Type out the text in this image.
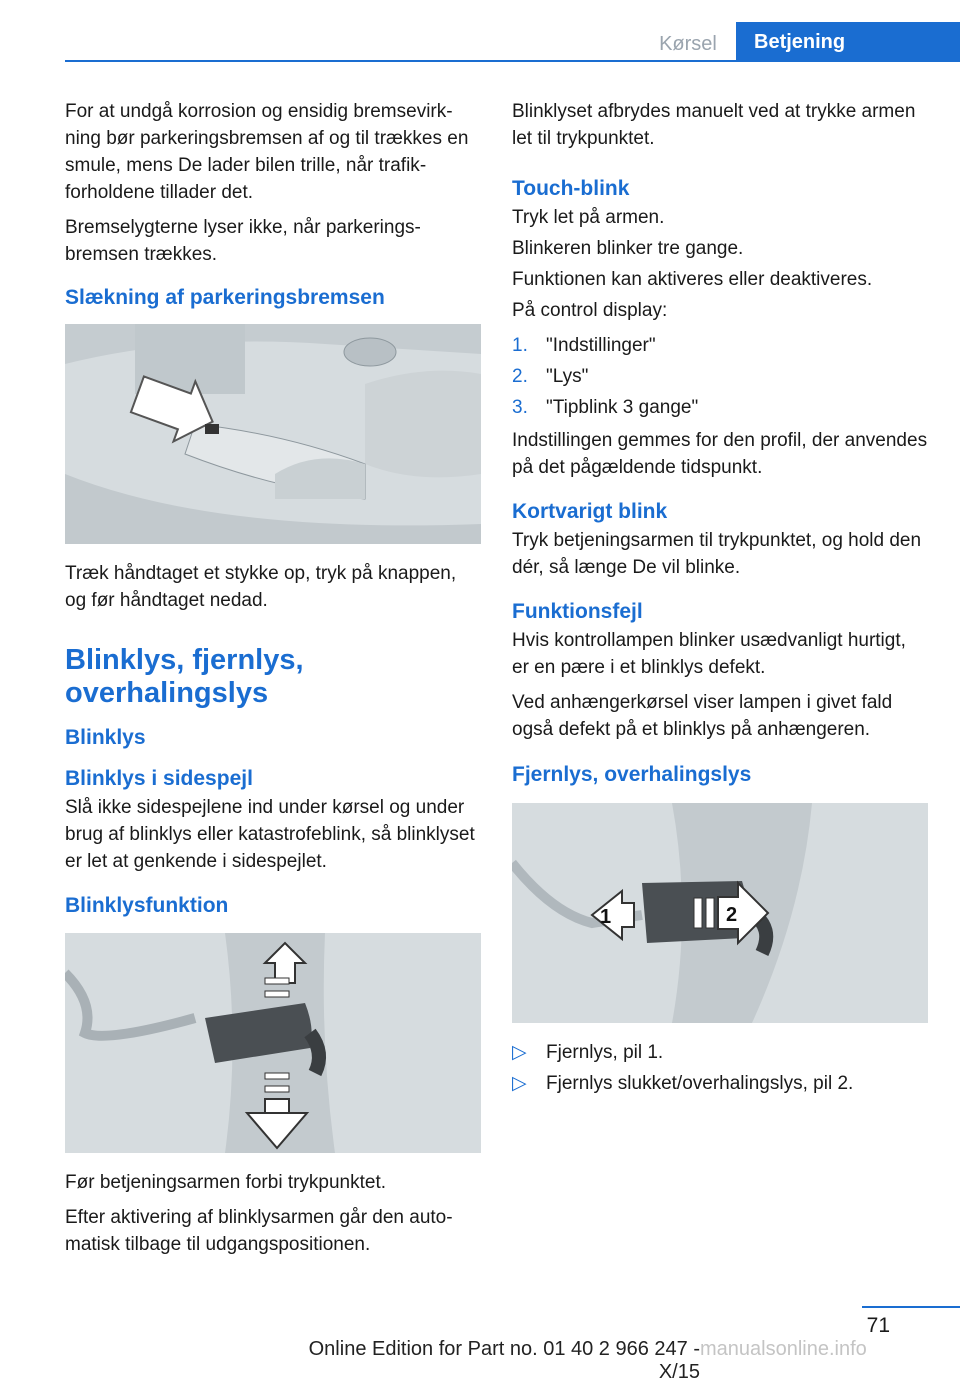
Kørsel	Betjening

For at undgå korrosion og ensidig bremsevirkning bør parkeringsbremsen af og til trækkes en smule, mens De lader bilen trille, når trafikforholdene tillader det.

Bremselygterne lyser ikke, når parkeringsbremsen trækkes.

Slækning af parkeringsbremsen

Træk håndtaget et stykke op, tryk på knappen, og før håndtaget nedad.

Blinklys, fjernlys, overhalingslys
Blinklys
Blinklys i sidespejl

Slå ikke sidespejlene ind under kørsel og under brug af blinklys eller katastrofeblink, så blinklyset er let at genkende i sidespejlet.

Blinklysfunktion

Før betjeningsarmen forbi trykpunktet.

Efter aktivering af blinklysarmen går den automatisk tilbage til udgangspositionen.

Blinklyset afbrydes manuelt ved at trykke armen let til trykpunktet.

Touch-blink

Tryk let på armen.

Blinkeren blinker tre gange.

Funktionen kan aktiveres eller deaktiveres.

På control display:

1. "Indstillinger"
2. "Lys"
3. "Tipblink 3 gange"

Indstillingen gemmes for den profil, der anvendes på det pågældende tidspunkt.

Kortvarigt blink

Tryk betjeningsarmen til trykpunktet, og hold den dér, så længe De vil blinke.

Funktionsfejl

Hvis kontrollampen blinker usædvanligt hurtigt, er en pære i et blinklys defekt.

Ved anhængerkørsel viser lampen i givet fald også defekt på et blinklys på anhængeren.

Fjernlys, overhalingslys
1	2
▷	Fjernlys, pil 1.
▷	Fjernlys slukket/overhalingslys, pil 2.
71
Online Edition for Part no. 01 40 2 966 247 - X/15
manualsonline.info
